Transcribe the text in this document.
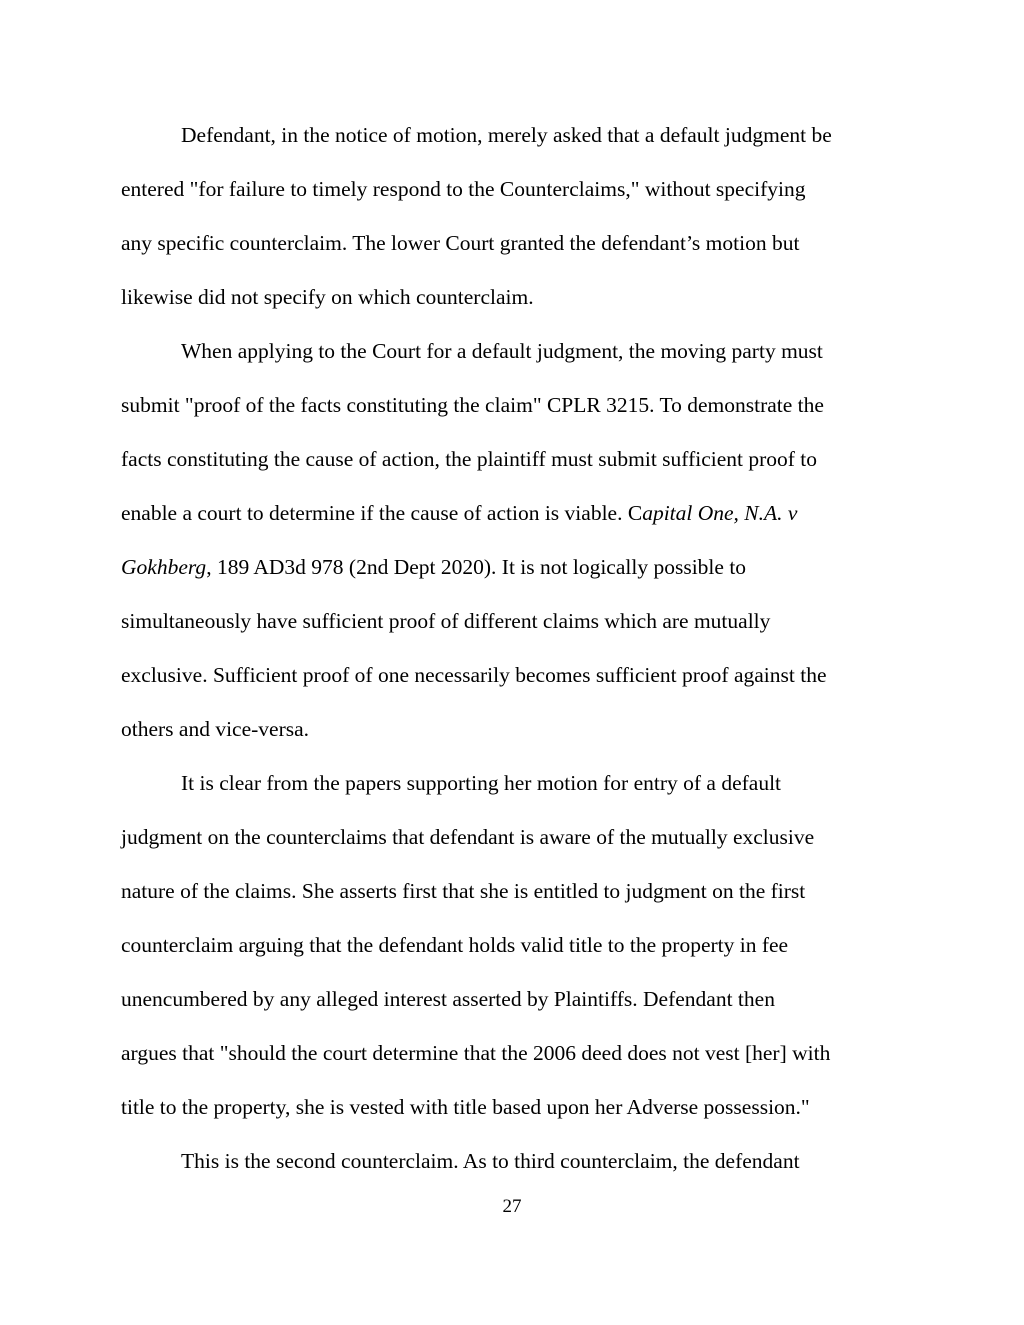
Defendant, in the notice of motion, merely asked that a default judgment be
entered "for failure to timely respond to the Counterclaims," without specifying
any specific counterclaim. The lower Court granted the defendant’s motion but
likewise did not specify on which counterclaim.
When applying to the Court for a default judgment, the moving party must
submit "proof of the facts constituting the claim" CPLR 3215. To demonstrate the
facts constituting the cause of action, the plaintiff must submit sufficient proof to
enable a court to determine if the cause of action is viable. Capital One, N.A. v
Gokhberg, 189 AD3d 978 (2nd Dept 2020). It is not logically possible to
simultaneously have sufficient proof of different claims which are mutually
exclusive. Sufficient proof of one necessarily becomes sufficient proof against the
others and vice-versa.
It is clear from the papers supporting her motion for entry of a default
judgment on the counterclaims that defendant is aware of the mutually exclusive
nature of the claims. She asserts first that she is entitled to judgment on the first
counterclaim arguing that the defendant holds valid title to the property in fee
unencumbered by any alleged interest asserted by Plaintiffs. Defendant then
argues that "should the court determine that the 2006 deed does not vest [her] with
title to the property, she is vested with title based upon her Adverse possession."
This is the second counterclaim. As to third counterclaim, the defendant
27
